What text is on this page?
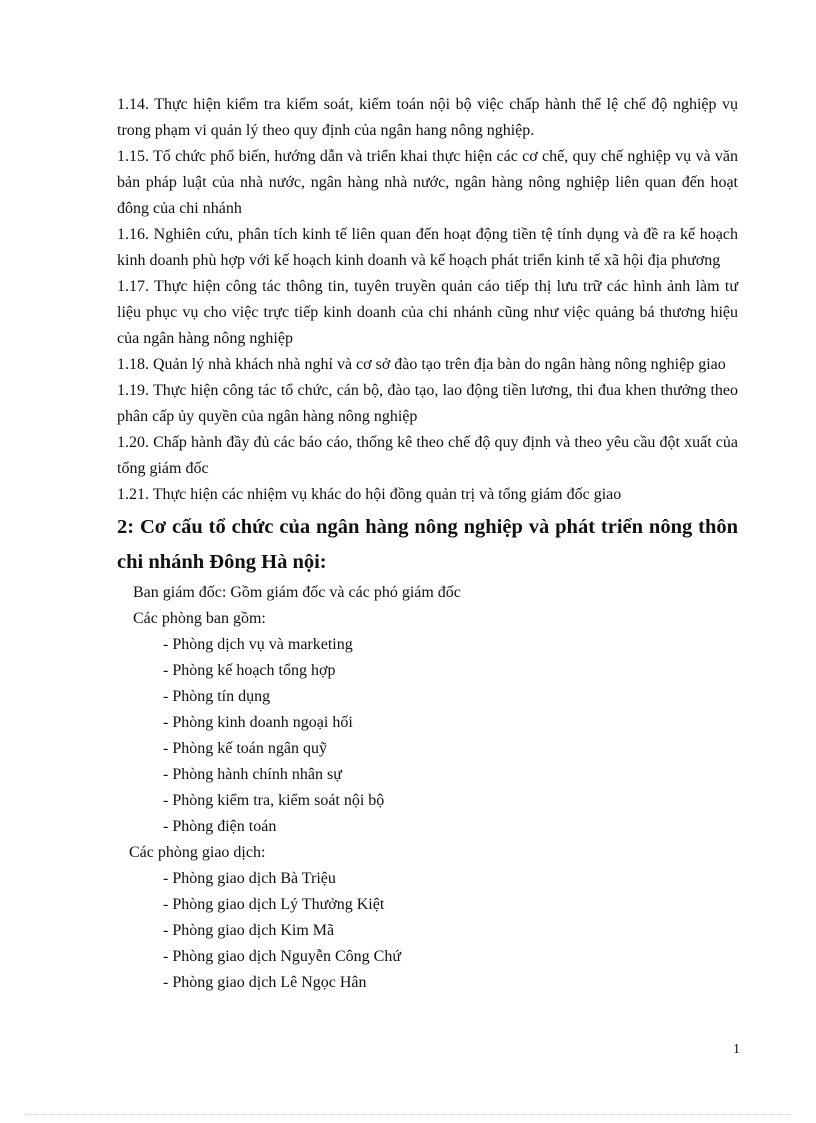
1.14. Thực hiện kiểm tra kiểm soát, kiểm toán nội bộ việc chấp hành thể lệ chế độ nghiệp vụ trong phạm vi quản lý theo quy định của ngân hang nông nghiệp.

1.15. Tổ chức phổ biến, hướng dẫn và triển khai thực hiện các cơ chế, quy chế nghiệp vụ và văn bản pháp luật của nhà nước, ngân hàng nhà nước, ngân hàng nông nghiệp liên quan đến hoạt đông của chi nhánh

1.16. Nghiên cứu, phân tích kinh tế liên quan đến hoạt động tiền tệ tính dụng và đề ra kế hoạch kinh doanh phù hợp với kế hoạch kinh doanh và kế hoạch phát triển kinh tế xã hội địa phương

1.17. Thực hiện công tác thông tin, tuyên truyền quản cáo tiếp thị lưu trữ các hình ảnh làm tư liệu phục vụ cho việc trực tiếp kinh doanh của chi nhánh cũng như việc quảng bá thương hiệu của ngân hàng nông nghiệp

1.18. Quản lý nhà khách nhà nghỉ và cơ sở đào tạo trên địa bàn do ngân hàng nông nghiệp giao

1.19. Thực hiện công tác tổ chức, cán bộ, đào tạo, lao động tiền lương, thi đua khen thưởng theo phân cấp ủy quyền của ngân hàng nông nghiệp

1.20. Chấp hành đầy đủ các báo cáo, thống kê theo chế độ quy định và theo yêu cầu đột xuất của tổng giám đốc

1.21. Thực hiện các nhiệm vụ khác do hội đồng quản trị và tổng giám đốc giao

2: Cơ cấu tổ chức của ngân hàng nông nghiệp và phát triển nông thôn chi nhánh Đông Hà nội:

Ban giám đốc: Gồm giám đốc và các phó giám đốc

Các phòng ban gồm:

- Phòng dịch vụ và marketing

- Phòng kế hoạch tổng hợp

- Phòng tín dụng

- Phòng kinh doanh ngoại hối

- Phòng kế toán ngân quỹ

- Phòng hành chính nhân sự

- Phòng kiểm tra, kiểm soát nội bộ

- Phòng điện toán

Các phòng giao dịch:

- Phòng giao dịch Bà Triệu

- Phòng giao dịch Lý Thưởng Kiệt

- Phòng giao dịch Kim Mã

- Phòng giao dịch Nguyễn Công Chứ

- Phòng giao dịch Lê Ngọc Hân

1
